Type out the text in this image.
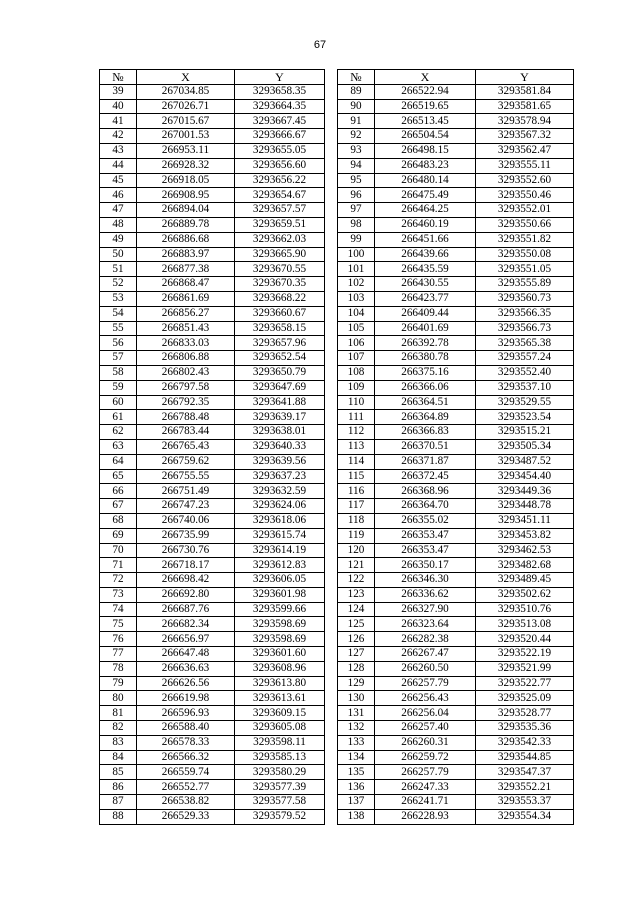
67
№	X	Y		№	X	Y
39	267034.85	3293658.35		89	266522.94	3293581.84
40	267026.71	3293664.35		90	266519.65	3293581.65
41	267015.67	3293667.45		91	266513.45	3293578.94
42	267001.53	3293666.67		92	266504.54	3293567.32
43	266953.11	3293655.05		93	266498.15	3293562.47
44	266928.32	3293656.60		94	266483.23	3293555.11
45	266918.05	3293656.22		95	266480.14	3293552.60
46	266908.95	3293654.67		96	266475.49	3293550.46
47	266894.04	3293657.57		97	266464.25	3293552.01
48	266889.78	3293659.51		98	266460.19	3293550.66
49	266886.68	3293662.03		99	266451.66	3293551.82
50	266883.97	3293665.90		100	266439.66	3293550.08
51	266877.38	3293670.55		101	266435.59	3293551.05
52	266868.47	3293670.35		102	266430.55	3293555.89
53	266861.69	3293668.22		103	266423.77	3293560.73
54	266856.27	3293660.67		104	266409.44	3293566.35
55	266851.43	3293658.15		105	266401.69	3293566.73
56	266833.03	3293657.96		106	266392.78	3293565.38
57	266806.88	3293652.54		107	266380.78	3293557.24
58	266802.43	3293650.79		108	266375.16	3293552.40
59	266797.58	3293647.69		109	266366.06	3293537.10
60	266792.35	3293641.88		110	266364.51	3293529.55
61	266788.48	3293639.17		111	266364.89	3293523.54
62	266783.44	3293638.01		112	266366.83	3293515.21
63	266765.43	3293640.33		113	266370.51	3293505.34
64	266759.62	3293639.56		114	266371.87	3293487.52
65	266755.55	3293637.23		115	266372.45	3293454.40
66	266751.49	3293632.59		116	266368.96	3293449.36
67	266747.23	3293624.06		117	266364.70	3293448.78
68	266740.06	3293618.06		118	266355.02	3293451.11
69	266735.99	3293615.74		119	266353.47	3293453.82
70	266730.76	3293614.19		120	266353.47	3293462.53
71	266718.17	3293612.83		121	266350.17	3293482.68
72	266698.42	3293606.05		122	266346.30	3293489.45
73	266692.80	3293601.98		123	266336.62	3293502.62
74	266687.76	3293599.66		124	266327.90	3293510.76
75	266682.34	3293598.69		125	266323.64	3293513.08
76	266656.97	3293598.69		126	266282.38	3293520.44
77	266647.48	3293601.60		127	266267.47	3293522.19
78	266636.63	3293608.96		128	266260.50	3293521.99
79	266626.56	3293613.80		129	266257.79	3293522.77
80	266619.98	3293613.61		130	266256.43	3293525.09
81	266596.93	3293609.15		131	266256.04	3293528.77
82	266588.40	3293605.08		132	266257.40	3293535.36
83	266578.33	3293598.11		133	266260.31	3293542.33
84	266566.32	3293585.13		134	266259.72	3293544.85
85	266559.74	3293580.29		135	266257.79	3293547.37
86	266552.77	3293577.39		136	266247.33	3293552.21
87	266538.82	3293577.58		137	266241.71	3293553.37
88	266529.33	3293579.52		138	266228.93	3293554.34
